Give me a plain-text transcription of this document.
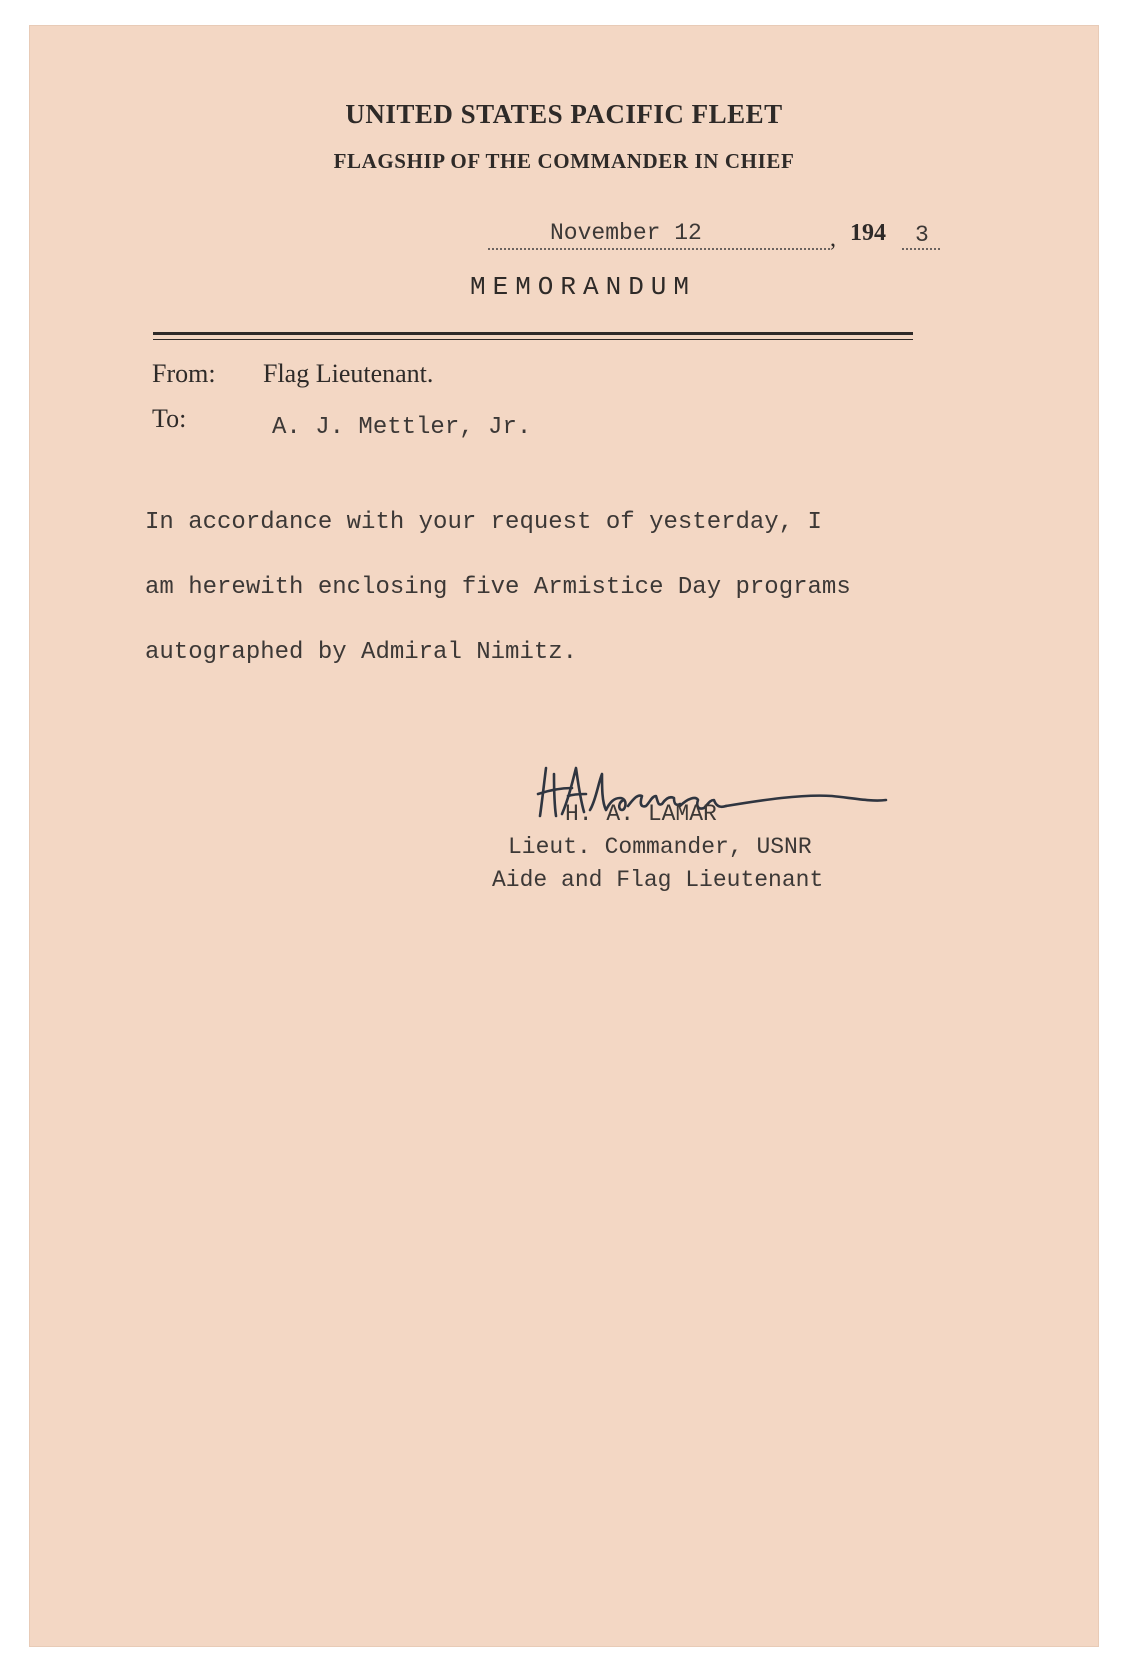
UNITED STATES PACIFIC FLEET

FLAGSHIP OF THE COMMANDER IN CHIEF

November 12	, 194 3

MEMORANDUM

From: Flag Lieutenant.
To:	A. J. Mettler, Jr.

In accordance with your request of yesterday, I

am herewith enclosing five Armistice Day programs

autographed by Admiral Nimitz.

H. A. LAMAR
Lieut. Commander, USNR
Aide and Flag Lieutenant
